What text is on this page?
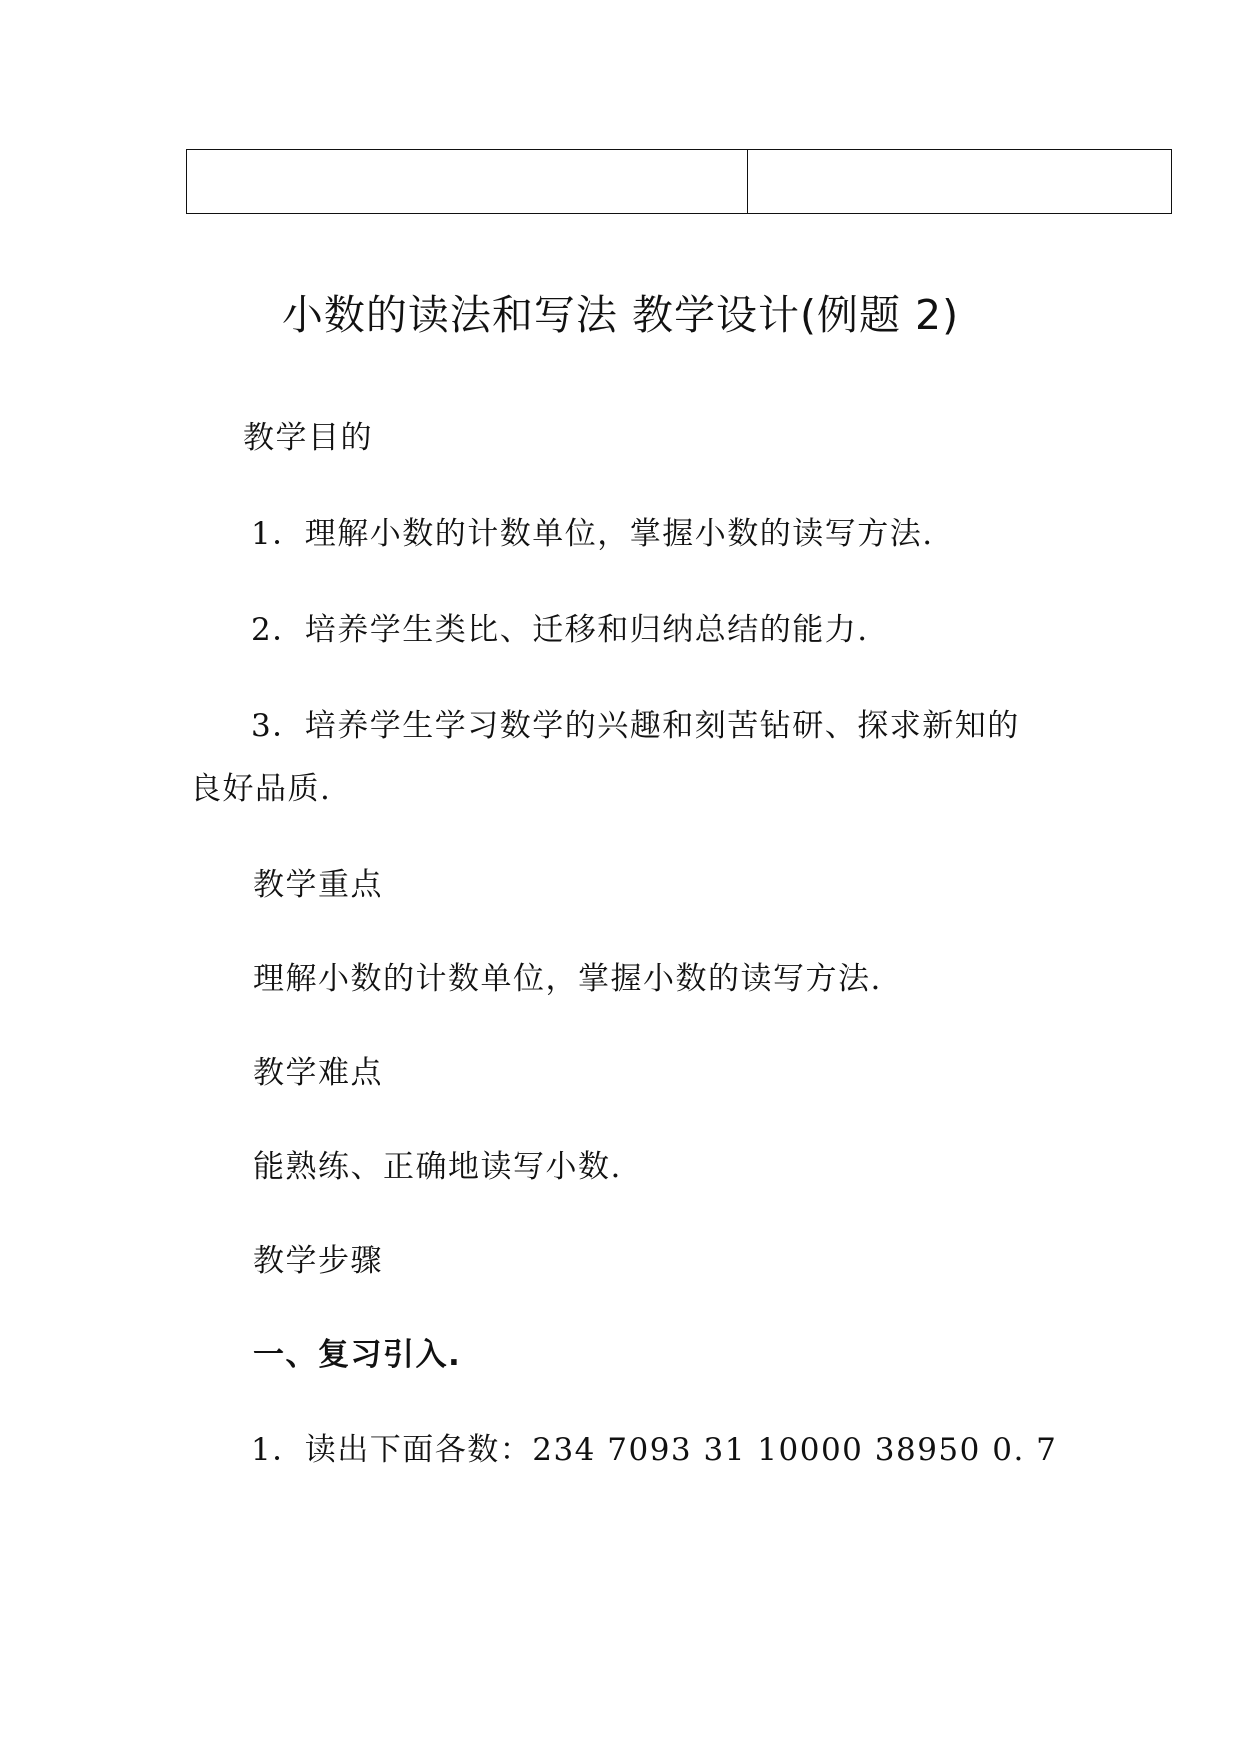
小数的读法和写法 教学设计(例题 2)

教学目的

1．理解小数的计数单位，掌握小数的读写方法.

2．培养学生类比、迁移和归纳总结的能力.

3．培养学生学习数学的兴趣和刻苦钻研、探求新知的

良好品质.

教学重点

理解小数的计数单位，掌握小数的读写方法.

教学难点

能熟练、正确地读写小数.

教学步骤

一、复习引入.

1．读出下面各数：234 7093 31 10000 38950 0. 7
